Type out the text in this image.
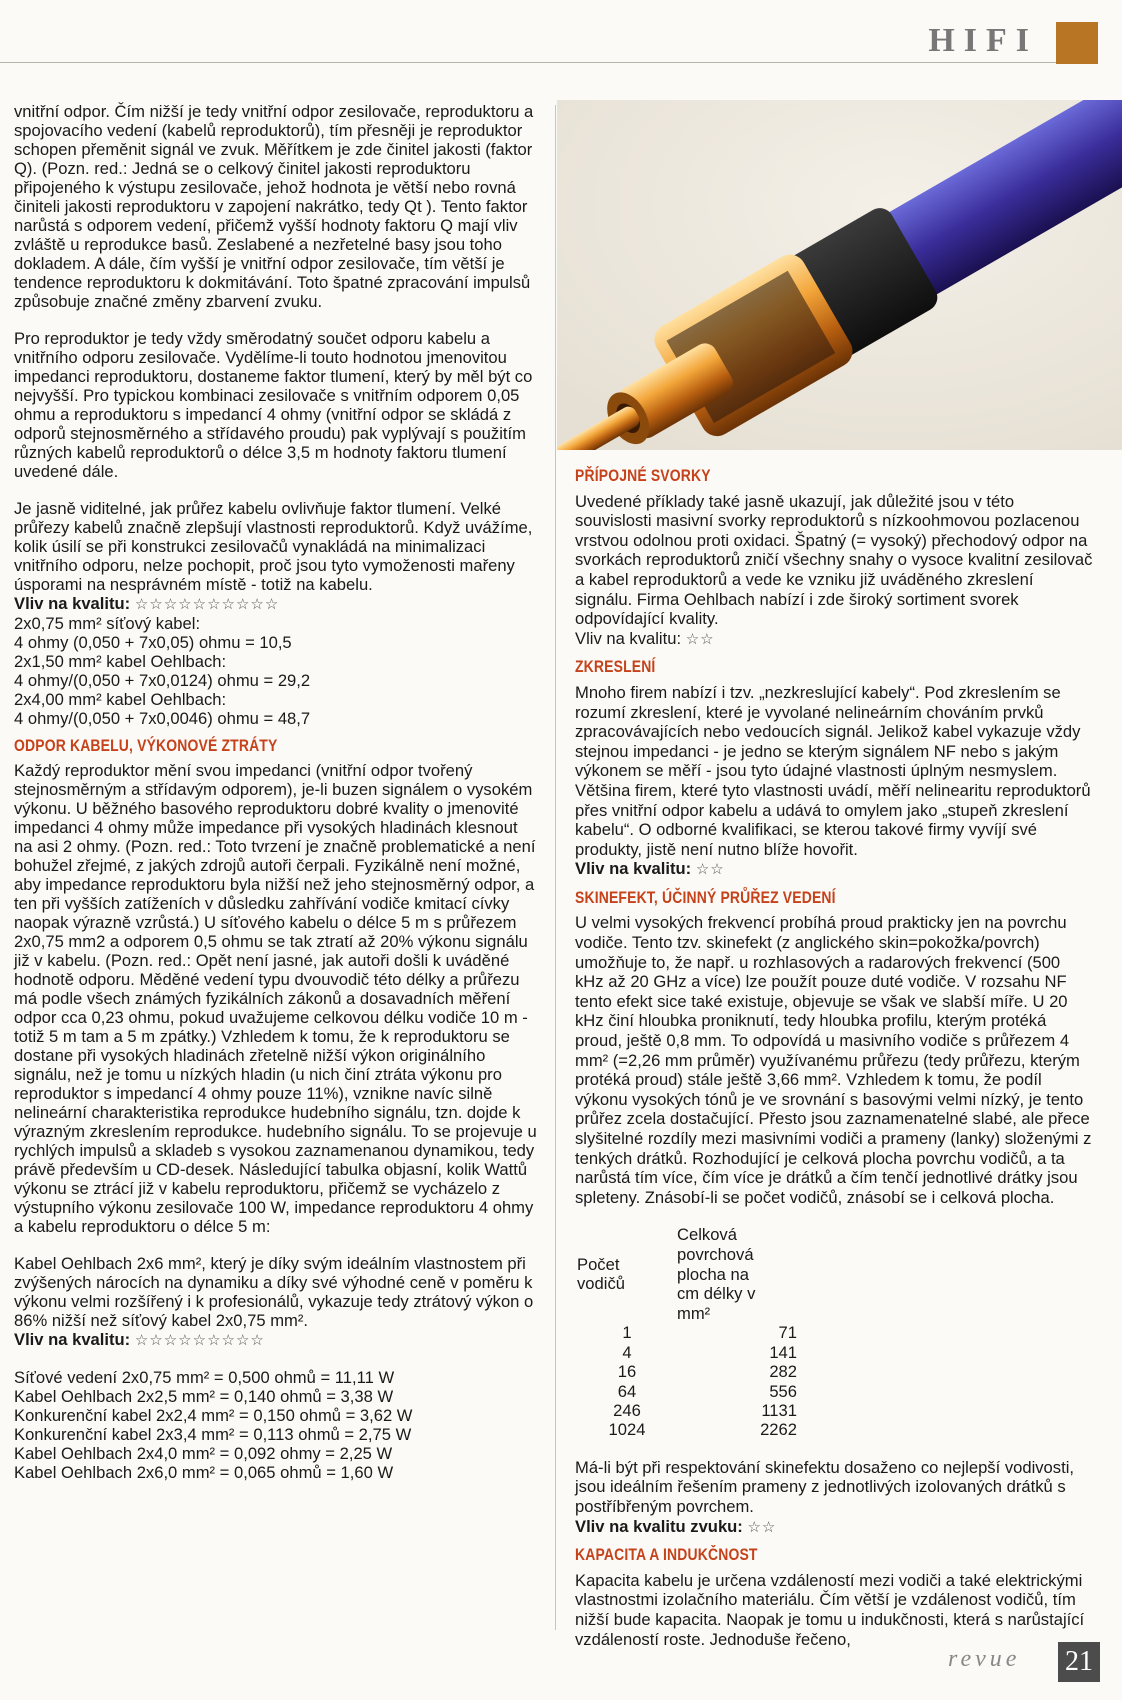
HIFI

vnitřní odpor. Čím nižší je tedy vnitřní odpor zesilovače, reproduktoru a spojovacího vedení (kabelů reproduktorů), tím přesněji je reproduktor schopen přeměnit signál ve zvuk. Měřítkem je zde činitel jakosti (faktor Q). (Pozn. red.: Jedná se o celkový činitel jakosti reproduktoru připojeného k výstupu zesilovače, jehož hodnota je větší nebo rovná činiteli jakosti reproduktoru v zapojení nakrátko, tedy Qt ). Tento faktor narůstá s odporem vedení, přičemž vyšší hodnoty faktoru Q mají vliv zvláště u reprodukce basů. Zeslabené a nezřetelné basy jsou toho dokladem. A dále, čím vyšší je vnitřní odpor zesilovače, tím větší je tendence reproduktoru k dokmitávání. Toto špatné zpracování impulsů způsobuje značné změny zbarvení zvuku.

Pro reproduktor je tedy vždy směrodatný součet odporu kabelu a vnitřního odporu zesilovače. Vydělíme-li touto hodnotou jmenovitou impedanci reproduktoru, dostaneme faktor tlumení, který by měl být co nejvyšší. Pro typickou kombinaci zesilovače s vnitřním odporem 0,05 ohmu a reproduktoru s impedancí 4 ohmy (vnitřní odpor se skládá z odporů stejnosměrného a střídavého proudu) pak vyplývají s použitím různých kabelů reproduktorů o délce 3,5 m hodnoty faktoru tlumení uvedené dále.

Je jasně viditelné, jak průřez kabelu ovlivňuje faktor tlumení. Velké průřezy kabelů značně zlepšují vlastnosti reproduktorů. Když uvážíme, kolik úsilí se při konstrukci zesilovačů vynakládá na minimalizaci vnitřního odporu, nelze pochopit, proč jsou tyto vymoženosti mařeny úsporami na nesprávném místě - totiž na kabelu.

Vliv na kvalitu: ☆☆☆☆☆☆☆☆☆☆
2x0,75 mm² síťový kabel:
4 ohmy (0,050 + 7x0,05) ohmu = 10,5
2x1,50 mm² kabel Oehlbach:
4 ohmy/(0,050 + 7x0,0124) ohmu = 29,2
2x4,00 mm² kabel Oehlbach:
4 ohmy/(0,050 + 7x0,0046) ohmu = 48,7
ODPOR KABELU, VÝKONOVÉ ZTRÁTY

Každý reproduktor mění svou impedanci (vnitřní odpor tvořený stejnosměrným a střídavým odporem), je-li buzen signálem o vysokém výkonu. U běžného basového reproduktoru dobré kvality o jmenovité impedanci 4 ohmy může impedance při vysokých hladinách klesnout na asi 2 ohmy. (Pozn. red.: Toto tvrzení je značně problematické a není bohužel zřejmé, z jakých zdrojů autoři čerpali. Fyzikálně není možné, aby impedance reproduktoru byla nižší než jeho stejnosměrný odpor, a ten při vyšších zatíženích v důsledku zahřívání vodiče kmitací cívky naopak výrazně vzrůstá.) U síťového kabelu o délce 5 m s průřezem 2x0,75 mm2 a odporem 0,5 ohmu se tak ztratí až 20% výkonu signálu již v kabelu. (Pozn. red.: Opět není jasné, jak autoři došli k uváděné hodnotě odporu. Měděné vedení typu dvouvodič této délky a průřezu má podle všech známých fyzikálních zákonů a dosavadních měření odpor cca 0,23 ohmu, pokud uvažujeme celkovou délku vodiče 10 m - totiž 5 m tam a 5 m zpátky.) Vzhledem k tomu, že k reproduktoru se dostane při vysokých hladinách zřetelně nižší výkon originálního signálu, než je tomu u nízkých hladin (u nich činí ztráta výkonu pro reproduktor s impedancí 4 ohmy pouze 11%), vznikne navíc silně nelineární charakteristika reprodukce hudebního signálu, tzn. dojde k výrazným zkreslením reprodukce. hudebního signálu. To se projevuje u rychlých impulsů a skladeb s vysokou zaznamenanou dynamikou, tedy právě především u CD-desek. Následující tabulka objasní, kolik Wattů výkonu se ztrácí již v kabelu reproduktoru, přičemž se vycházelo z výstupního výkonu zesilovače 100 W, impedance reproduktoru 4 ohmy a kabelu reproduktoru o délce 5 m:

Kabel Oehlbach 2x6 mm², který je díky svým ideálním vlastnostem při zvýšených nárocích na dynamiku a díky své výhodné ceně v poměru k výkonu velmi rozšířený i k profesionálů, vykazuje tedy ztrátový výkon o 86% nižší než síťový kabel 2x0,75 mm².

Vliv na kvalitu: ☆☆☆☆☆☆☆☆☆
Síťové vedení 2x0,75 mm² = 0,500 ohmů = 11,11 W
Kabel Oehlbach 2x2,5 mm² = 0,140 ohmů = 3,38 W
Konkurenční kabel 2x2,4 mm² = 0,150 ohmů = 3,62 W
Konkurenční kabel 2x3,4 mm² = 0,113 ohmů = 2,75 W
Kabel Oehlbach 2x4,0 mm² = 0,092 ohmy = 2,25 W
Kabel Oehlbach 2x6,0 mm² = 0,065 ohmů = 1,60 W
PŘÍPOJNÉ SVORKY

Uvedené příklady také jasně ukazují, jak důležité jsou v této souvislosti masivní svorky reproduktorů s nízkoohmovou pozlacenou vrstvou odolnou proti oxidaci. Špatný (= vysoký) přechodový odpor na svorkách reproduktorů zničí všechny snahy o vysoce kvalitní zesilovač a kabel reproduktorů a vede ke vzniku již uváděného zkreslení signálu. Firma Oehlbach nabízí i zde široký sortiment svorek odpovídající kvality.

Vliv na kvalitu: ☆☆
ZKRESLENÍ

Mnoho firem nabízí i tzv. „nezkreslující kabely“. Pod zkreslením se rozumí zkreslení, které je vyvolané nelineárním chováním prvků zpracovávajících nebo vedoucích signál. Jelikož kabel vykazuje vždy stejnou impedanci - je jedno se kterým signálem NF nebo s jakým výkonem se měří - jsou tyto údajné vlastnosti úplným nesmyslem. Většina firem, které tyto vlastnosti uvádí, měří nelinearitu reproduktorů přes vnitřní odpor kabelu a udává to omylem jako „stupeň zkreslení kabelu“. O odborné kvalifikaci, se kterou takové firmy vyvíjí své produkty, jistě není nutno blíže hovořit.

Vliv na kvalitu: ☆☆
SKINEFEKT, ÚČINNÝ PRŮŘEZ VEDENÍ

U velmi vysokých frekvencí probíhá proud prakticky jen na povrchu vodiče. Tento tzv. skinefekt (z anglického skin=pokožka/povrch) umožňuje to, že např. u rozhlasových a radarových frekvencí (500 kHz až 20 GHz a více) lze použít pouze duté vodiče. V rozsahu NF tento efekt sice také existuje, objevuje se však ve slabší míře. U 20 kHz činí hloubka proniknutí, tedy hloubka profilu, kterým protéká proud, ještě 0,8 mm. To odpovídá u masivního vodiče s průřezem 4 mm² (=2,26 mm průměr) využívanému průřezu (tedy průřezu, kterým protéká proud) stále ještě 3,66 mm². Vzhledem k tomu, že podíl výkonu vysokých tónů je ve srovnání s basovými velmi nízký, je tento průřez zcela dostačující. Přesto jsou zaznamenatelné slabé, ale přece slyšitelné rozdíly mezi masivními vodiči a prameny (lanky) složenými z tenkých drátků. Rozhodující je celková plocha povrchu vodičů, a ta narůstá tím více, čím více je drátků a čím tenčí jednotlivé drátky jsou spleteny. Znásobí-li se počet vodičů, znásobí se i celková plocha.

Počet vodičů	Celková povrchová plocha na cm délky v mm²
1	71
4	141
16	282
64	556
246	1131
1024	2262

Má-li být při respektování skinefektu dosaženo co nejlepší vodivosti, jsou ideálním řešením prameny z jednotlivých izolovaných drátků s postříbřeným povrchem.

Vliv na kvalitu zvuku: ☆☆
KAPACITA A INDUKČNOST

Kapacita kabelu je určena vzdáleností mezi vodiči a také elektrickými vlastnostmi izolačního materiálu. Čím větší je vzdálenost vodičů, tím nižší bude kapacita. Naopak je tomu u indukčnosti, která s narůstající vzdáleností roste. Jednoduše řečeno,

revue 21
